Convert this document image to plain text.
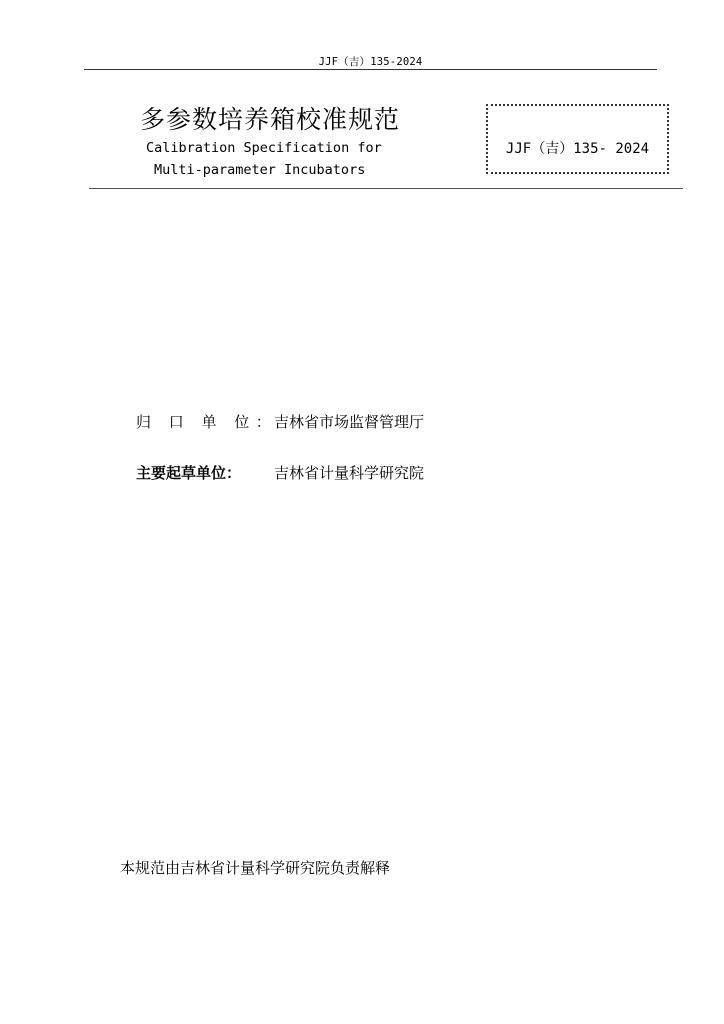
JJF（吉）135-2024
多参数培养箱校准规范
Calibration Specification for
Multi-parameter Incubators
JJF（吉）135- 2024
归 口 单 位：吉林省市场监督管理厅
主要起草单位： 吉林省计量科学研究院
本规范由吉林省计量科学研究院负责解释
